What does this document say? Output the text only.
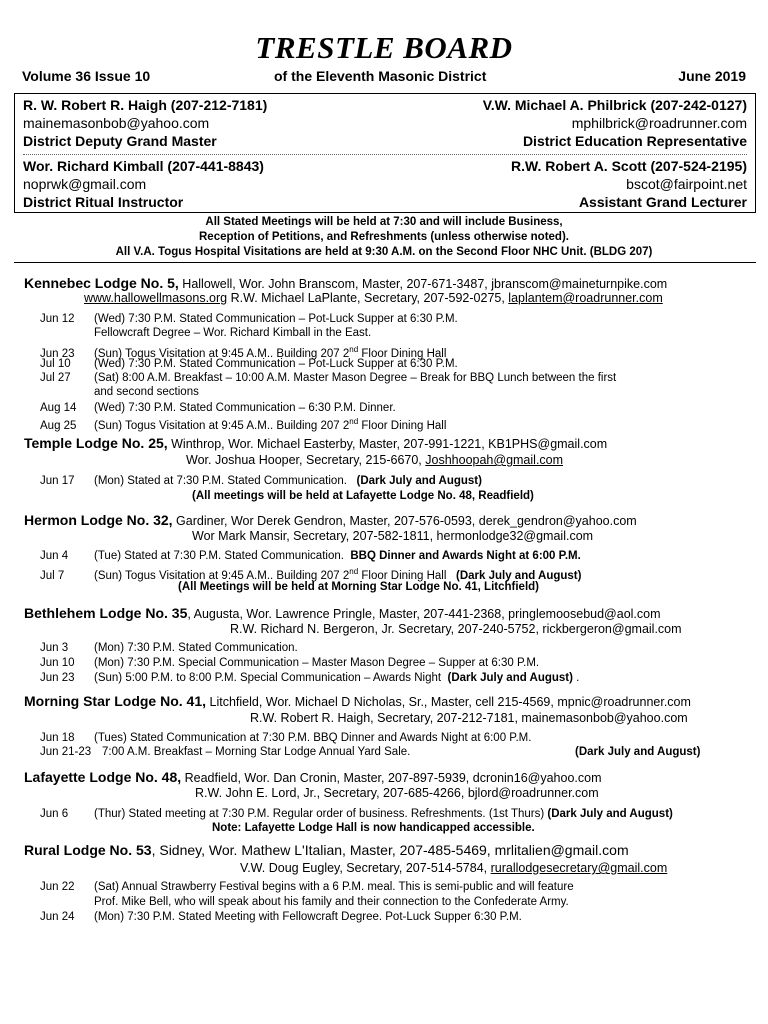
TRESTLE BOARD
Volume 36 Issue 10	of the Eleventh Masonic District	June 2019
R. W. Robert R. Haigh (207-212-7181)
mainemasonbob@yahoo.com
District Deputy Grand Master
V.W. Michael A. Philbrick (207-242-0127)
mphilbrick@roadrunner.com
District Education Representative
Wor. Richard Kimball (207-441-8843)
noprwk@gmail.com
District Ritual Instructor
R.W. Robert A. Scott (207-524-2195)
bscot@fairpoint.net
Assistant Grand Lecturer
All Stated Meetings will be held at 7:30 and will include Business,
Reception of Petitions, and Refreshments (unless otherwise noted).
All V.A. Togus Hospital Visitations are held at 9:30 A.M. on the Second Floor NHC Unit. (BLDG 207)
Kennebec Lodge No. 5, Hallowell, Wor. John Branscom, Master, 207-671-3487, jbranscom@maineturnpike.com
www.hallowellmasons.org R.W. Michael LaPlante, Secretary, 207-592-0275, laplantem@roadrunner.com
Jun 12 (Wed) 7:30 P.M. Stated Communication – Pot-Luck Supper at 6:30 P.M.
Fellowcraft Degree – Wor. Richard Kimball in the East.
Jun 23 (Sun) Togus Visitation at 9:45 A.M.. Building 207 2nd Floor Dining Hall
Jul 10 (Wed) 7:30 P.M. Stated Communication – Pot-Luck Supper at 6:30 P.M.
Jul 27 (Sat) 8:00 A.M. Breakfast – 10:00 A.M. Master Mason Degree – Break for BBQ Lunch between the first
and second sections
Aug 14 (Wed) 7:30 P.M. Stated Communication – 6:30 P.M. Dinner.
Aug 25 (Sun) Togus Visitation at 9:45 A.M.. Building 207 2nd Floor Dining Hall
Temple Lodge No. 25, Winthrop, Wor. Michael Easterby, Master, 207-991-1221, KB1PHS@gmail.com
Wor. Joshua Hooper, Secretary, 215-6670, Joshhoopah@gmail.com
Jun 17 (Mon) Stated at 7:30 P.M. Stated Communication. (Dark July and August)
(All meetings will be held at Lafayette Lodge No. 48, Readfield)
Hermon Lodge No. 32, Gardiner, Wor Derek Gendron, Master, 207-576-0593, derek_gendron@yahoo.com
Wor Mark Mansir, Secretary, 207-582-1811, hermonlodge32@gmail.com
Jun 4 (Tue) Stated at 7:30 P.M. Stated Communication. BBQ Dinner and Awards Night at 6:00 P.M.
Jul 7	(Sun) Togus Visitation at 9:45 A.M.. Building 207 2nd Floor Dining Hall (Dark July and August)
(All Meetings will be held at Morning Star Lodge No. 41, Litchfield)
Bethlehem Lodge No. 35, Augusta, Wor. Lawrence Pringle, Master, 207-441-2368, pringlemoosebud@aol.com
R.W. Richard N. Bergeron, Jr. Secretary, 207-240-5752, rickbergeron@gmail.com
Jun 3 (Mon) 7:30 P.M. Stated Communication.
Jun 10 (Mon) 7:30 P.M. Special Communication – Master Mason Degree – Supper at 6:30 P.M.
Jun 23 (Sun) 5:00 P.M. to 8:00 P.M. Special Communication – Awards Night (Dark July and August) .
Morning Star Lodge No. 41, Litchfield, Wor. Michael D Nicholas, Sr., Master, cell 215-4569, mpnic@roadrunner.com
R.W. Robert R. Haigh, Secretary, 207-212-7181, mainemasonbob@yahoo.com
Jun 18 (Tues) Stated Communication at 7:30 P.M. BBQ Dinner and Awards Night at 6:00 P.M.
Jun 21-23 7:00 A.M. Breakfast – Morning Star Lodge Annual Yard Sale.	(Dark July and August)
Lafayette Lodge No. 48, Readfield, Wor. Dan Cronin, Master, 207-897-5939, dcronin16@yahoo.com
R.W. John E. Lord, Jr., Secretary, 207-685-4266, bjlord@roadrunner.com
Jun 6 (Thur) Stated meeting at 7:30 P.M. Regular order of business. Refreshments. (1st Thurs) (Dark July and August)
Note: Lafayette Lodge Hall is now handicapped accessible.
Rural Lodge No. 53, Sidney, Wor. Mathew L'Italian, Master, 207-485-5469, mrlitalien@gmail.com
V.W. Doug Eugley, Secretary, 207-514-5784, rurallodgesecretary@gmail.com
Jun 22 (Sat) Annual Strawberry Festival begins with a 6 P.M. meal. This is semi-public and will feature
Prof. Mike Bell, who will speak about his family and their connection to the Confederate Army.
Jun 24 (Mon) 7:30 P.M. Stated Meeting with Fellowcraft Degree. Pot-Luck Supper 6:30 P.M.
